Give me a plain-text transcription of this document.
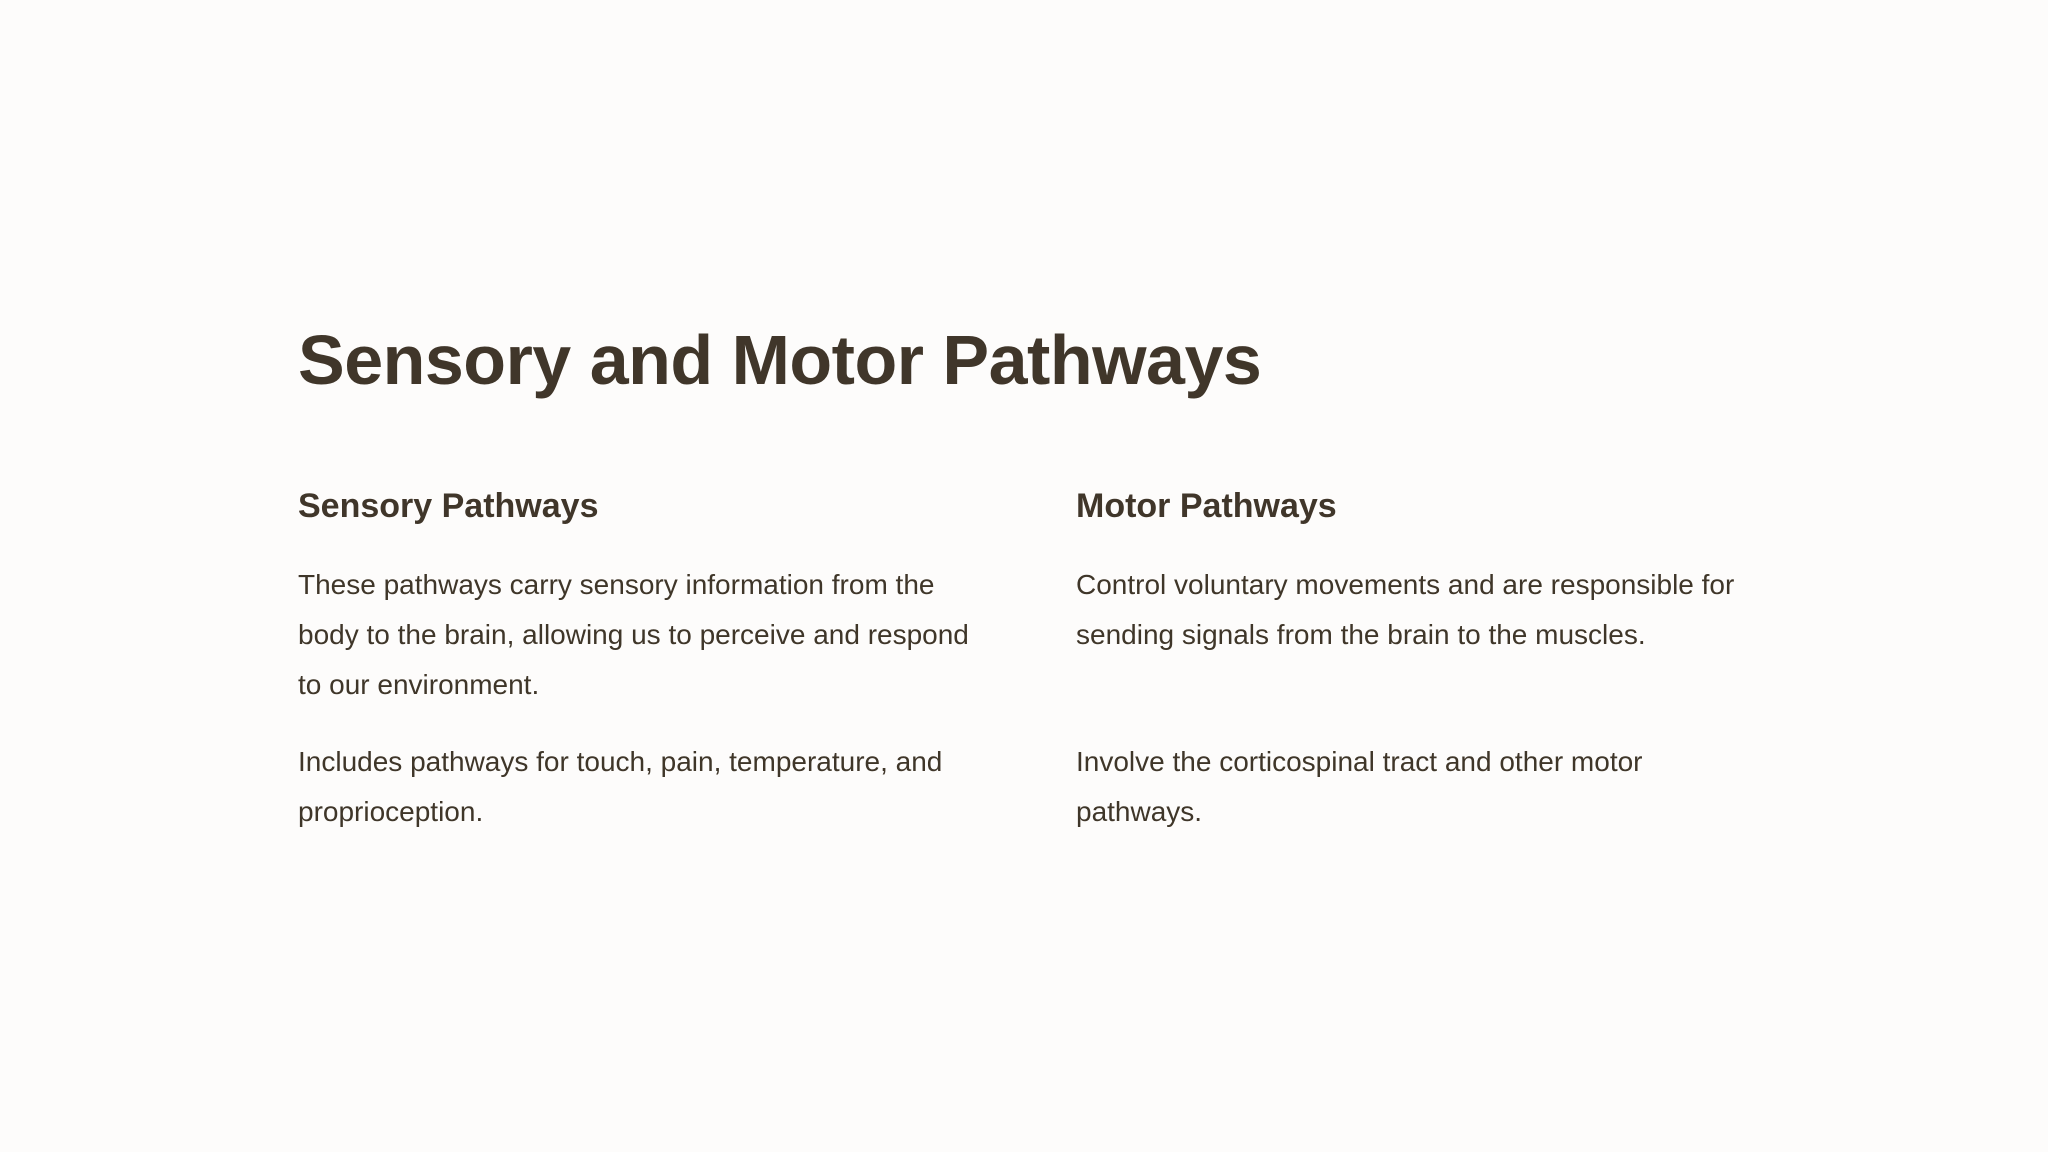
Sensory and Motor Pathways
Sensory Pathways

These pathways carry sensory information from the body to the brain, allowing us to perceive and respond to our environment.

Includes pathways for touch, pain, temperature, and proprioception.

Motor Pathways

Control voluntary movements and are responsible for sending signals from the brain to the muscles.

Involve the corticospinal tract and other motor pathways.
